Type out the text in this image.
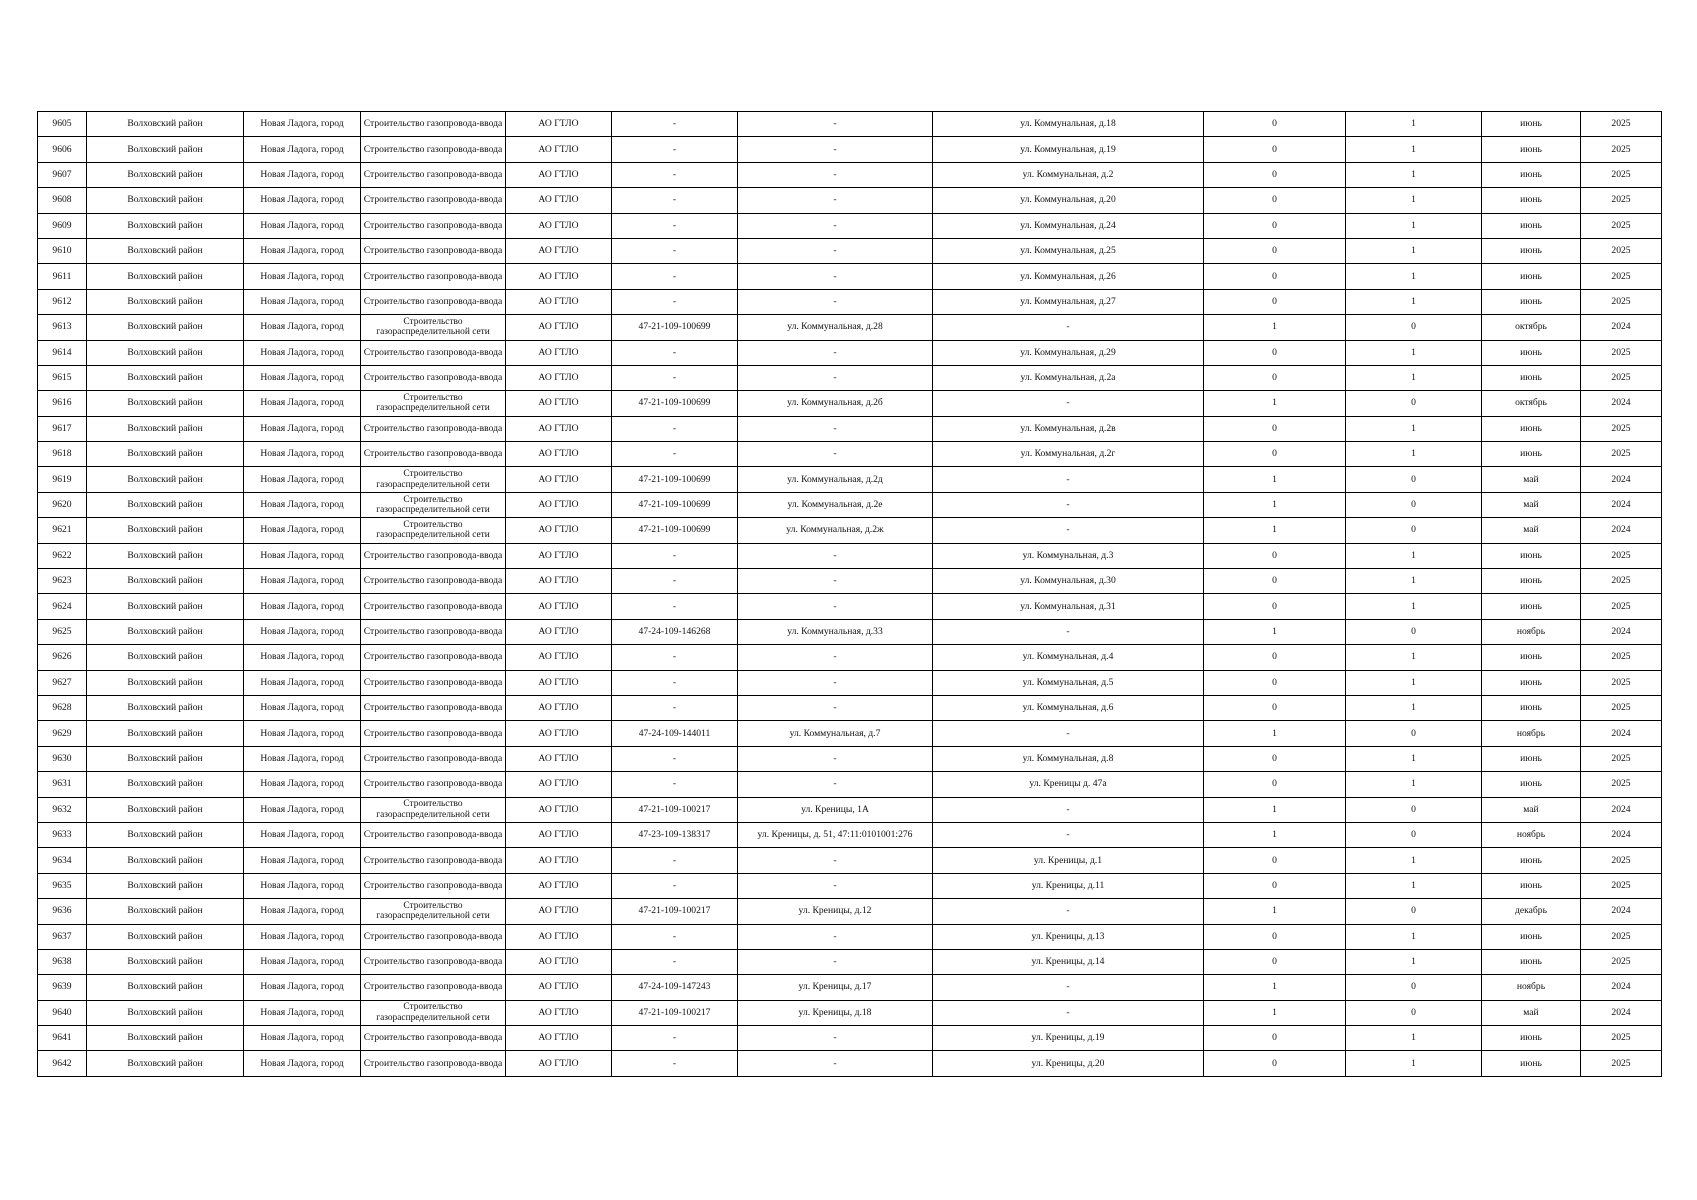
9605	Волховский район	Новая Ладога, город	Строительство газопровода-ввода	АО ГТЛО	-	-	ул. Коммунальная, д.18	0	1	июнь	2025
9606	Волховский район	Новая Ладога, город	Строительство газопровода-ввода	АО ГТЛО	-	-	ул. Коммунальная, д.19	0	1	июнь	2025
9607	Волховский район	Новая Ладога, город	Строительство газопровода-ввода	АО ГТЛО	-	-	ул. Коммунальная, д.2	0	1	июнь	2025
9608	Волховский район	Новая Ладога, город	Строительство газопровода-ввода	АО ГТЛО	-	-	ул. Коммунальная, д.20	0	1	июнь	2025
9609	Волховский район	Новая Ладога, город	Строительство газопровода-ввода	АО ГТЛО	-	-	ул. Коммунальная, д.24	0	1	июнь	2025
9610	Волховский район	Новая Ладога, город	Строительство газопровода-ввода	АО ГТЛО	-	-	ул. Коммунальная, д.25	0	1	июнь	2025
9611	Волховский район	Новая Ладога, город	Строительство газопровода-ввода	АО ГТЛО	-	-	ул. Коммунальная, д.26	0	1	июнь	2025
9612	Волховский район	Новая Ладога, город	Строительство газопровода-ввода	АО ГТЛО	-	-	ул. Коммунальная, д.27	0	1	июнь	2025
9613	Волховский район	Новая Ладога, город	Строительство газораспределительной сети	АО ГТЛО	47-21-109-100699	ул. Коммунальная, д.28	-	1	0	октябрь	2024
9614	Волховский район	Новая Ладога, город	Строительство газопровода-ввода	АО ГТЛО	-	-	ул. Коммунальная, д.29	0	1	июнь	2025
9615	Волховский район	Новая Ладога, город	Строительство газопровода-ввода	АО ГТЛО	-	-	ул. Коммунальная, д.2а	0	1	июнь	2025
9616	Волховский район	Новая Ладога, город	Строительство газораспределительной сети	АО ГТЛО	47-21-109-100699	ул. Коммунальная, д.2б	-	1	0	октябрь	2024
9617	Волховский район	Новая Ладога, город	Строительство газопровода-ввода	АО ГТЛО	-	-	ул. Коммунальная, д.2в	0	1	июнь	2025
9618	Волховский район	Новая Ладога, город	Строительство газопровода-ввода	АО ГТЛО	-	-	ул. Коммунальная, д.2г	0	1	июнь	2025
9619	Волховский район	Новая Ладога, город	Строительство газораспределительной сети	АО ГТЛО	47-21-109-100699	ул. Коммунальная, д.2д	-	1	0	май	2024
9620	Волховский район	Новая Ладога, город	Строительство газораспределительной сети	АО ГТЛО	47-21-109-100699	ул. Коммунальная, д.2е	-	1	0	май	2024
9621	Волховский район	Новая Ладога, город	Строительство газораспределительной сети	АО ГТЛО	47-21-109-100699	ул. Коммунальная, д.2ж	-	1	0	май	2024
9622	Волховский район	Новая Ладога, город	Строительство газопровода-ввода	АО ГТЛО	-	-	ул. Коммунальная, д.3	0	1	июнь	2025
9623	Волховский район	Новая Ладога, город	Строительство газопровода-ввода	АО ГТЛО	-	-	ул. Коммунальная, д.30	0	1	июнь	2025
9624	Волховский район	Новая Ладога, город	Строительство газопровода-ввода	АО ГТЛО	-	-	ул. Коммунальная, д.31	0	1	июнь	2025
9625	Волховский район	Новая Ладога, город	Строительство газопровода-ввода	АО ГТЛО	47-24-109-146268	ул. Коммунальная, д.33	-	1	0	ноябрь	2024
9626	Волховский район	Новая Ладога, город	Строительство газопровода-ввода	АО ГТЛО	-	-	ул. Коммунальная, д.4	0	1	июнь	2025
9627	Волховский район	Новая Ладога, город	Строительство газопровода-ввода	АО ГТЛО	-	-	ул. Коммунальная, д.5	0	1	июнь	2025
9628	Волховский район	Новая Ладога, город	Строительство газопровода-ввода	АО ГТЛО	-	-	ул. Коммунальная, д.6	0	1	июнь	2025
9629	Волховский район	Новая Ладога, город	Строительство газопровода-ввода	АО ГТЛО	47-24-109-144011	ул. Коммунальная, д.7	-	1	0	ноябрь	2024
9630	Волховский район	Новая Ладога, город	Строительство газопровода-ввода	АО ГТЛО	-	-	ул. Коммунальная, д.8	0	1	июнь	2025
9631	Волховский район	Новая Ладога, город	Строительство газопровода-ввода	АО ГТЛО	-	-	ул. Креницы д. 47а	0	1	июнь	2025
9632	Волховский район	Новая Ладога, город	Строительство газораспределительной сети	АО ГТЛО	47-21-109-100217	ул. Креницы, 1А	-	1	0	май	2024
9633	Волховский район	Новая Ладога, город	Строительство газопровода-ввода	АО ГТЛО	47-23-109-138317	ул. Креницы, д. 51, 47:11:0101001:276	-	1	0	ноябрь	2024
9634	Волховский район	Новая Ладога, город	Строительство газопровода-ввода	АО ГТЛО	-	-	ул. Креницы, д.1	0	1	июнь	2025
9635	Волховский район	Новая Ладога, город	Строительство газопровода-ввода	АО ГТЛО	-	-	ул. Креницы, д.11	0	1	июнь	2025
9636	Волховский район	Новая Ладога, город	Строительство газораспределительной сети	АО ГТЛО	47-21-109-100217	ул. Креницы, д.12	-	1	0	декабрь	2024
9637	Волховский район	Новая Ладога, город	Строительство газопровода-ввода	АО ГТЛО	-	-	ул. Креницы, д.13	0	1	июнь	2025
9638	Волховский район	Новая Ладога, город	Строительство газопровода-ввода	АО ГТЛО	-	-	ул. Креницы, д.14	0	1	июнь	2025
9639	Волховский район	Новая Ладога, город	Строительство газопровода-ввода	АО ГТЛО	47-24-109-147243	ул. Креницы, д.17	-	1	0	ноябрь	2024
9640	Волховский район	Новая Ладога, город	Строительство газораспределительной сети	АО ГТЛО	47-21-109-100217	ул. Креницы, д.18	-	1	0	май	2024
9641	Волховский район	Новая Ладога, город	Строительство газопровода-ввода	АО ГТЛО	-	-	ул. Креницы, д.19	0	1	июнь	2025
9642	Волховский район	Новая Ладога, город	Строительство газопровода-ввода	АО ГТЛО	-	-	ул. Креницы, д.20	0	1	июнь	2025
